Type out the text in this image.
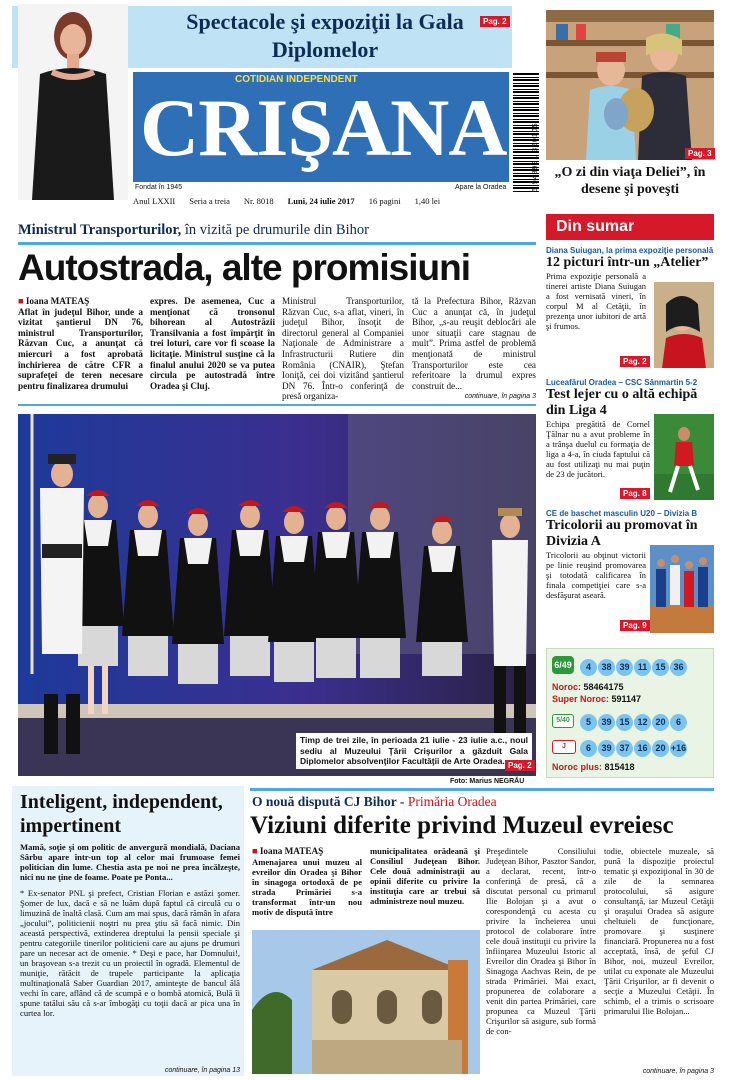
Spectacole şi expoziţii la Gala Diplomelor
Pag. 2
COTIDIAN INDEPENDENT
CRIŞANA
Fondat în 1945	Apare la Oradea	5 948991 350105
Anul LXXII Seria a treia Nr. 8018 Luni, 24 iulie 2017 16 pagini 1,40 lei
Pag. 3
„O zi din viaţa Deliei”, în desene şi poveşti
Ministrul Transporturilor, în vizită pe drumurile din Bihor
Autostrada, alte promisiuni

■ Ioana MATEAŞ

Aflat în judeţul Bihor, unde a vizitat şantierul DN 76, ministrul Transporturilor, Răzvan Cuc, a anunţat că miercuri a fost aprobată închirierea de către CFR a suprafeţei de teren necesare pentru finalizarea drumului

expres. De asemenea, Cuc a menţionat că tronsonul bihorean al Autostrăzii Transilvania a fost împărţit în trei loturi, care vor fi scoase la licitaţie. Ministrul susţine că la finalul anului 2020 se va putea circula pe autostradă între Oradea şi Cluj.

Ministrul Transporturilor, Răzvan Cuc, s-a aflat, vineri, în judeţul Bihor, însoţit de directorul general al Companiei Naţionale de Administrare a Infrastructurii Rutiere din România (CNAIR), Ştefan Ioniţă, cei doi vizitând şantierul DN 76. Într-o conferinţă de presă organiza-

tă la Prefectura Bihor, Răzvan Cuc a anunţat că, în judeţul Bihor, „s-au reuşit deblocări ale unor situaţii care stagnau de mult”. Prima astfel de problemă menţionată de ministrul Transporturilor este cea referitoare la drumul expres construit de...

continuare, în pagina 3
Timp de trei zile, în perioada 21 iulie - 23 iulie a.c., noul sediu al Muzeului Ţării Crişurilor a găzduit Gala Diplomelor absolvenţilor Facultăţii de Arte Oradea. Pag. 2
Foto: Marius NEGRĂU
Din sumar
Diana Suiugan, la prima expoziţie personală
12 picturi într-un „Atelier”
Prima expoziţie personală a tinerei artiste Diana Suiugan a fost vernisată vineri, în corpul M al Cetăţii, în prezenţa unor iubitori de artă şi frumos.
Pag. 2
Luceafărul Oradea – CSC Sânmartin 5-2
Test lejer cu o altă echipă din Liga 4
Echipa pregătită de Cornel Ţălnar nu a avut probleme în a trânşa duelul cu formaţia de liga a 4-a, în ciuda faptului că au fost utilizaţi nu mai puţin de 23 de jucători.
Pag. 8
CE de baschet masculin U20 – Divizia B
Tricolorii au promovat în Divizia A
Tricolorii au obţinut victorii pe linie reuşind promovarea şi totodată calificarea în finala competiţiei care s-a desfăşurat aseară.
Pag. 9
6/49	4 38 39 11 15 36
Noroc: 58464175
Super Noroc: 591147
5/40	5 39 15 12 20 6
J	6 39 37 16 20 +16
Noroc plus: 815418
Inteligent, independent, impertinent

Mamă, soţie şi om politic de anvergură mondială, Daciana Sârbu apare într-un top al celor mai frumoase femei politician din lume. Chestia asta pe noi ne prea încălzeşte, nici nu ne ţine de foame. Poate pe Ponta...

* Ex-senator PNL şi prefect, Cristian Florian e astăzi şomer. Şomer de lux, dacă e să ne luăm după faptul că circulă cu o limuzină de înaltă clasă. Cum am mai spus, dacă rămân în afara „jocului”, politicienii noştri nu prea ştiu să facă nimic. Din această perspectivă, extinderea dreptului la pensii speciale şi pentru categoriile tinerilor politicieni care au ajuns pe drumuri pare un necesar act de omenie. * Deşi e pace, har Domnului!, un braşovean s-a trezit cu un proiectil în ogradă. Elementul de muniţie, rătăcit de trupele participante la aplicaţia multinaţională Saber Guardian 2017, aminteşte de bancul ălă vechi în care, aflând că de scumpă e o bombă atomică, Bulă îi spune tatălui său că s-ar îmbogăţi cu toţii dacă ar pica una în curtea lor.

continuare, în pagina 13
O nouă dispută CJ Bihor - Primăria Oradea
Viziuni diferite privind Muzeul evreiesc

■ Ioana MATEAŞ

Amenajarea unui muzeu al evreilor din Oradea şi Bihor în sinagoga ortodoxă de pe strada Primăriei s-a transformat într-un nou motiv de dispută între

municipalitatea orădeană şi Consiliul Judeţean Bihor. Cele două administraţii au opinii diferite cu privire la instituţia care ar trebui să administreze noul muzeu.

Preşedintele Consiliului Judeţean Bihor, Pasztor Sandor, a declarat, recent, într-o conferinţă de presă, că a discutat personal cu primarul Ilie Bolojan şi a avut o corespondenţă cu acesta cu privire la încheierea unui protocol de colaborare între cele două instituţii cu privire la înfiinţarea Muzeului Istoric al Evreilor din Oradea şi Bihor în Sinagoga Aachvas Rein, de pe strada Primăriei. Mai exact, propunerea de colaborare a venit din partea Primăriei, care propunea ca Muzeul Ţării Crişurilor să asigure, sub formă de con-

todie, obiectele muzeale, să pună la dispoziţie proiectul tematic şi expoziţional în 30 de zile de la semnarea protocolului, să asigure consultanţă, iar Muzeul Cetăţii şi oraşului Oradea să asigure cheltuieli de funcţionare, promovare şi susţinere financiară. Propunerea nu a fost acceptată, însă, de şeful CJ Bihor, noi, muzeul Evreilor, utilat cu exponate ale Muzeului Ţării Crişurilor, ar fi devenit o secţie a Muzeului Cetăţii. În schimb, el a trimis o scrisoare primarului Ilie Bolojan...

continuare, în pagina 3
